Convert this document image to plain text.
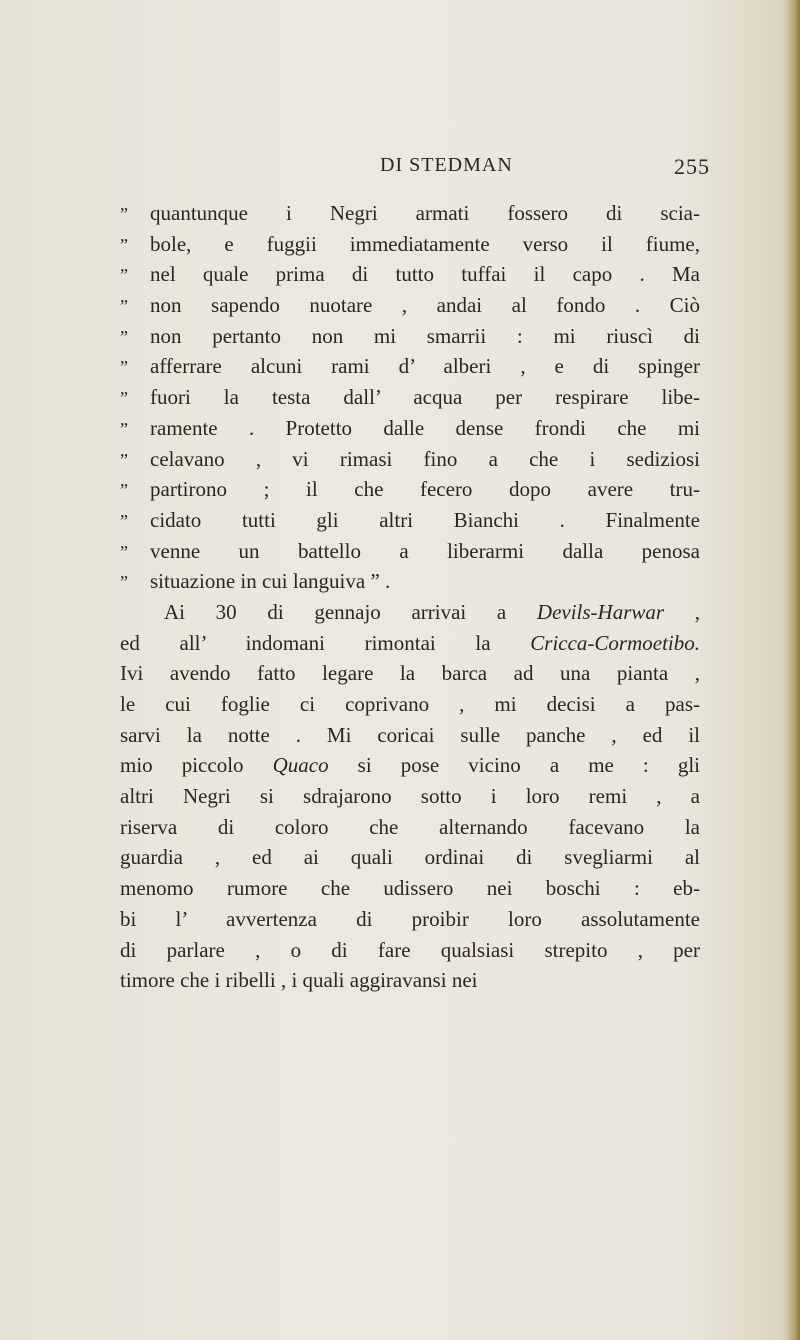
DI STEDMAN	255
” quantunque i Negri armati fossero di scia-
” bole, e fuggii immediatamente verso il fiume,
” nel quale prima di tutto tuffai il capo . Ma
” non sapendo nuotare , andai al fondo . Ciò
” non pertanto non mi smarrii : mi riuscì di
” afferrare alcuni rami d’ alberi , e di spinger
” fuori la testa dall’ acqua per respirare libe-
” ramente . Protetto dalle dense frondi che mi
” celavano , vi rimasi fino a che i sediziosi
” partirono ; il che fecero dopo avere tru-
” cidato tutti gli altri Bianchi . Finalmente
” venne un battello a liberarmi dalla penosa
” situazione in cui languiva ” .
Ai 30 di gennajo arrivai a Devils-Harwar ,
ed all’ indomani rimontai la Cricca-Cormoetibo.
Ivi avendo fatto legare la barca ad una pianta ,
le cui foglie ci coprivano , mi decisi a pas-
sarvi la notte . Mi coricai sulle panche , ed il
mio piccolo Quaco si pose vicino a me : gli
altri Negri si sdrajarono sotto i loro remi , a
riserva di coloro che alternando facevano la
guardia , ed ai quali ordinai di svegliarmi al
menomo rumore che udissero nei boschi : eb-
bi l’ avvertenza di proibir loro assolutamente
di parlare , o di fare qualsiasi strepito , per
timore che i ribelli , i quali aggiravansi nei
